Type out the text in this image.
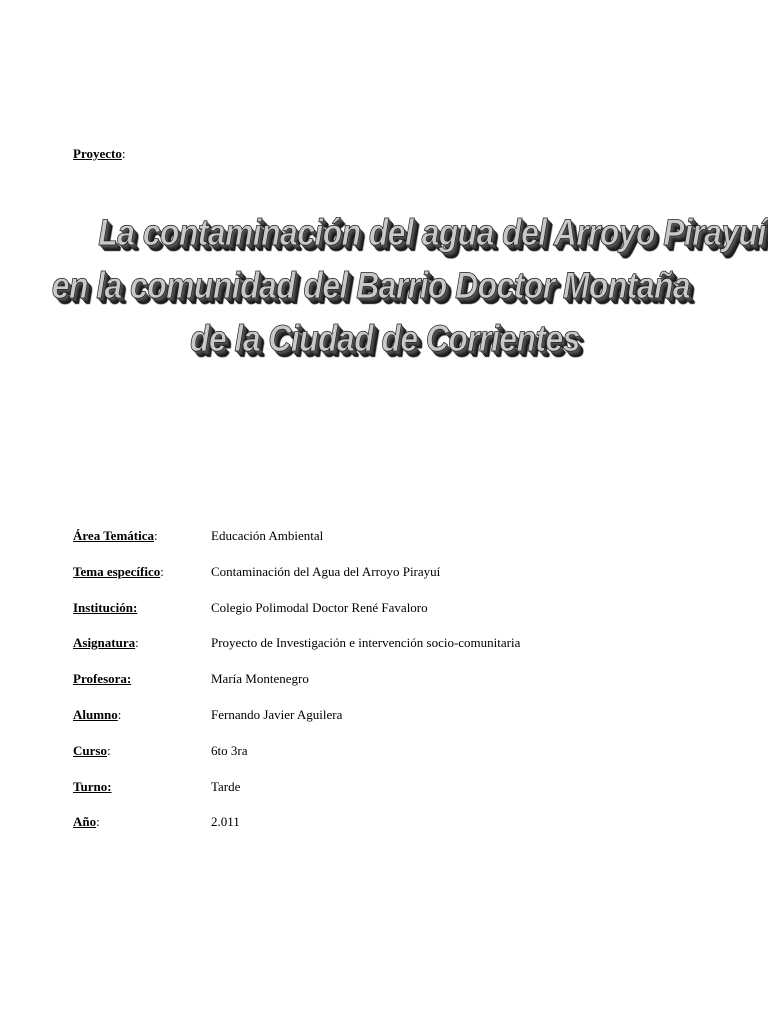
Proyecto:
La contaminación del agua del Arroyo Pirayuí
en la comunidad del Barrio Doctor Montaña
de la Ciudad de Corrientes
Área Temática:	Educación Ambiental
Tema específico:	Contaminación del Agua del Arroyo Pirayuí
Institución:	Colegio Polimodal Doctor René Favaloro
Asignatura:	Proyecto de Investigación e intervención socio-comunitaria
Profesora:	María Montenegro
Alumno:	Fernando Javier Aguilera
Curso:	6to 3ra
Turno:	Tarde
Año:	2.011
